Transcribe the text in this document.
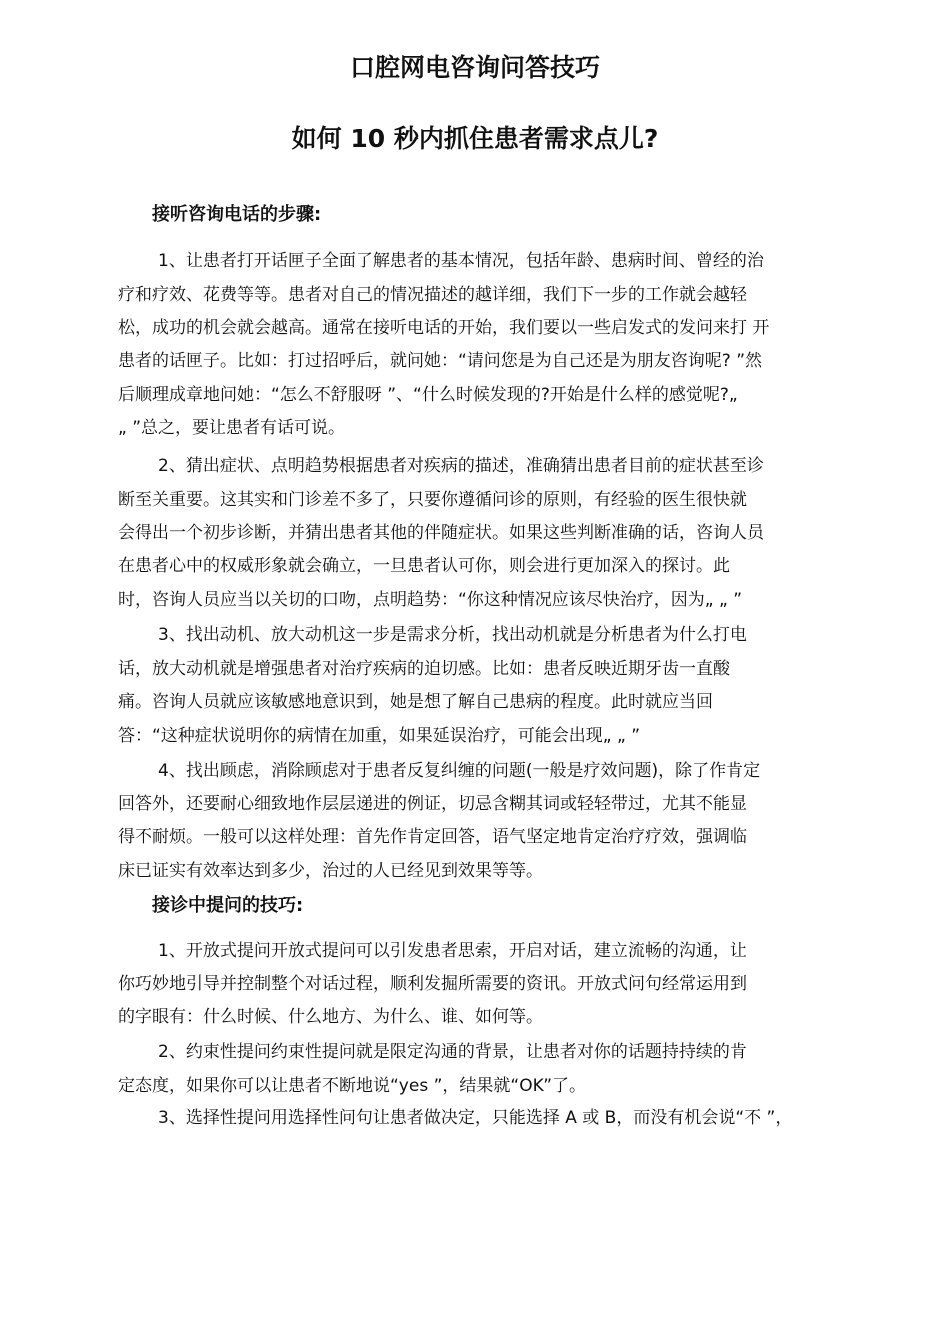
口腔网电咨询问答技巧
如何 10 秒内抓住患者需求点儿?
接听咨询电话的步骤:
1、让患者打开话匣子全面了解患者的基本情况，包括年龄、患病时间、曾经的治
疗和疗效、花费等等。患者对自己的情况描述的越详细，我们下一步的工作就会越轻
松，成功的机会就会越高。通常在接听电话的开始，我们要以一些启发式的发问来打 开
患者的话匣子。比如：打过招呼后，就问她：“请问您是为自己还是为朋友咨询呢? ”然
后顺理成章地问她：“怎么不舒服呀 ”、“什么时候发现的?开始是什么样的感觉呢?„
„ ”总之，要让患者有话可说。
2、猜出症状、点明趋势根据患者对疾病的描述，准确猜出患者目前的症状甚至诊
断至关重要。这其实和门诊差不多了，只要你遵循问诊的原则，有经验的医生很快就
会得出一个初步诊断，并猜出患者其他的伴随症状。如果这些判断准确的话，咨询人员
在患者心中的权威形象就会确立，一旦患者认可你，则会进行更加深入的探讨。此
时，咨询人员应当以关切的口吻，点明趋势：“你这种情况应该尽快治疗，因为„ „ ”
3、找出动机、放大动机这一步是需求分析，找出动机就是分析患者为什么打电
话，放大动机就是增强患者对治疗疾病的迫切感。比如：患者反映近期牙齿一直酸
痛。咨询人员就应该敏感地意识到，她是想了解自己患病的程度。此时就应当回
答：“这种症状说明你的病情在加重，如果延误治疗，可能会出现„ „ ”
4、找出顾虑，消除顾虑对于患者反复纠缠的问题(一般是疗效问题)，除了作肯定
回答外，还要耐心细致地作层层递进的例证，切忌含糊其词或轻轻带过，尤其不能显
得不耐烦。一般可以这样处理：首先作肯定回答，语气坚定地肯定治疗疗效，强调临
床已证实有效率达到多少，治过的人已经见到效果等等。
接诊中提问的技巧:
1、开放式提问开放式提问可以引发患者思索，开启对话，建立流畅的沟通，让
你巧妙地引导并控制整个对话过程，顺利发掘所需要的资讯。开放式问句经常运用到
的字眼有：什么时候、什么地方、为什么、谁、如何等。
2、约束性提问约束性提问就是限定沟通的背景，让患者对你的话题持持续的肯
定态度，如果你可以让患者不断地说“yes ”，结果就“OK”了。
3、选择性提问用选择性问句让患者做决定，只能选择 A 或 B，而没有机会说“不 ”，
